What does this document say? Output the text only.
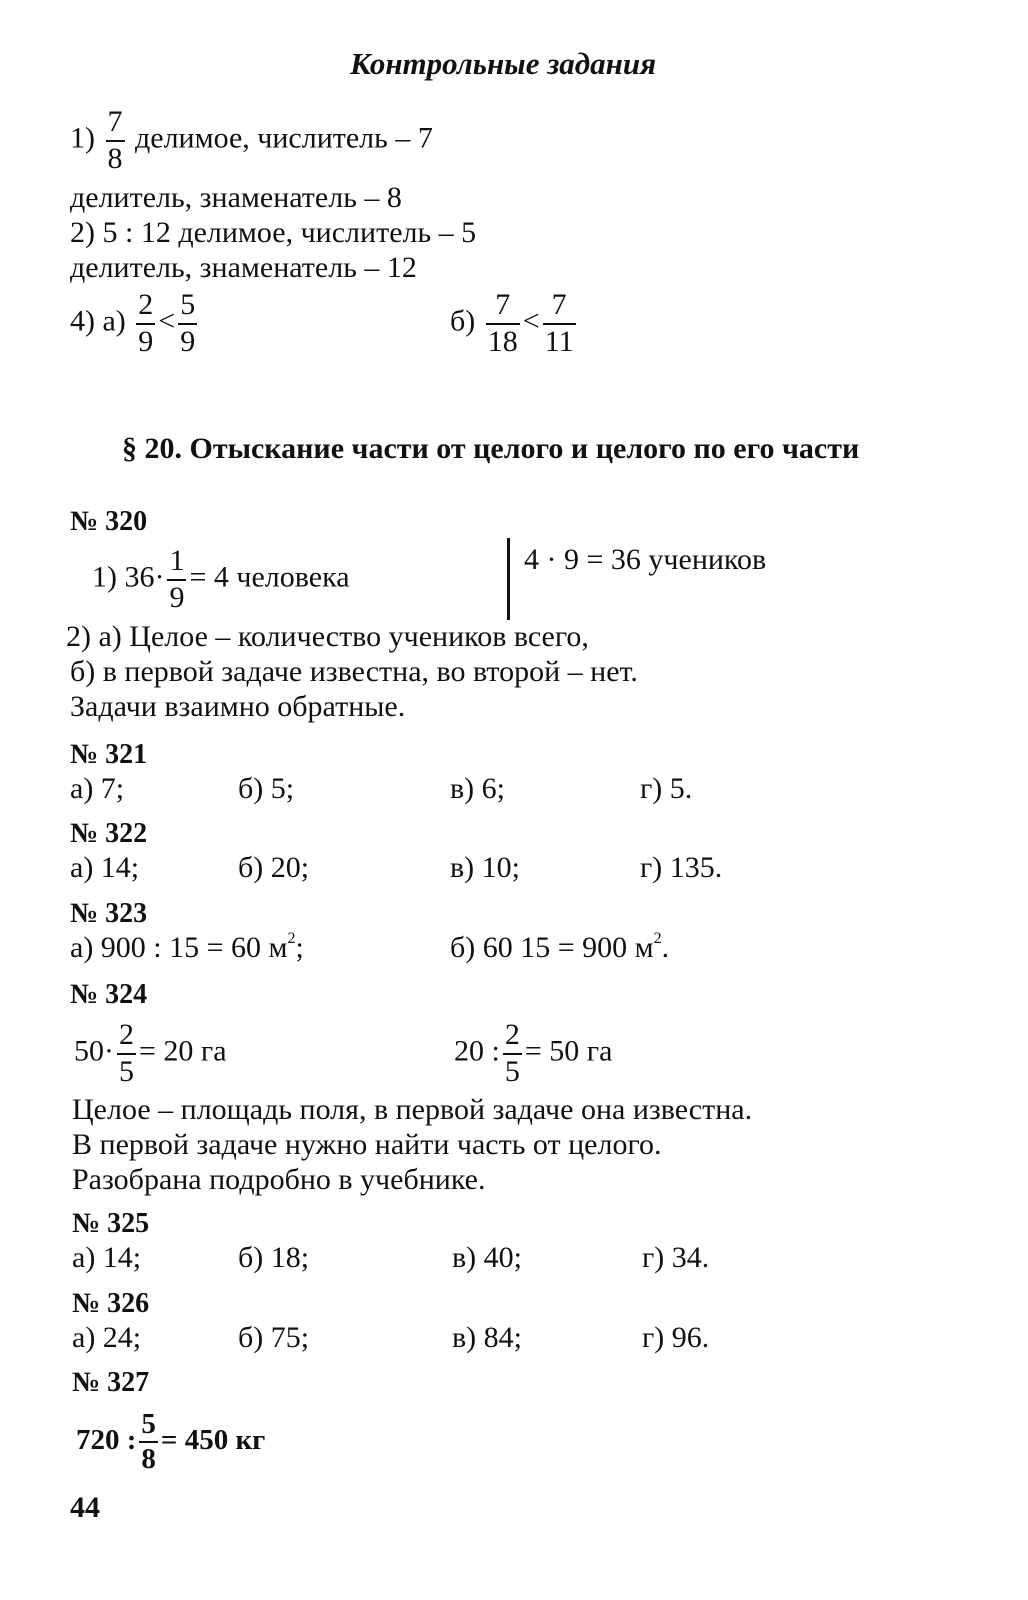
Контрольные задания
$1) \frac{7}{8}$ делимое, числитель – 7
делитель, знаменатель – 8
2) 5 : 12 делимое, числитель – 5
делитель, знаменатель – 12
4) $а) \frac{2}{9} < \frac{5}{9}$	$б) \frac{7}{18} < \frac{7}{11}$
§ 20. Отыскание части от целого и целого по его части
№ 320
1) $36\cdot \frac{1}{9} = 4$ человека
4 · 9 = 36 учеников
2) а) Целое – количество учеников всего,
б) в первой задаче известна, во второй – нет.
Задачи взаимно обратные.
№ 321
а) 7;	б) 5;	в) 6;	г) 5.
№ 322
а) 14;	б) 20;	в) 10;	г) 135.
№ 323
а) 900 : 15 = 60 $м^2$;	б) 60 15 = 900 $м^2$.
№ 324
$50\cdot \frac{2}{5} = 20$ га	20 : $\frac{2}{5} = 50$ га
Целое – площадь поля, в первой задаче она известна.
В первой задаче нужно найти часть от целого.
Разобрана подробно в учебнике.
№ 325
а) 14;	б) 18;	в) 40;	г) 34.
№ 326
а) 24;	б) 75;	в) 84;	г) 96.
№ 327
720 : $\frac{5}{8} = 450$ кг
44
